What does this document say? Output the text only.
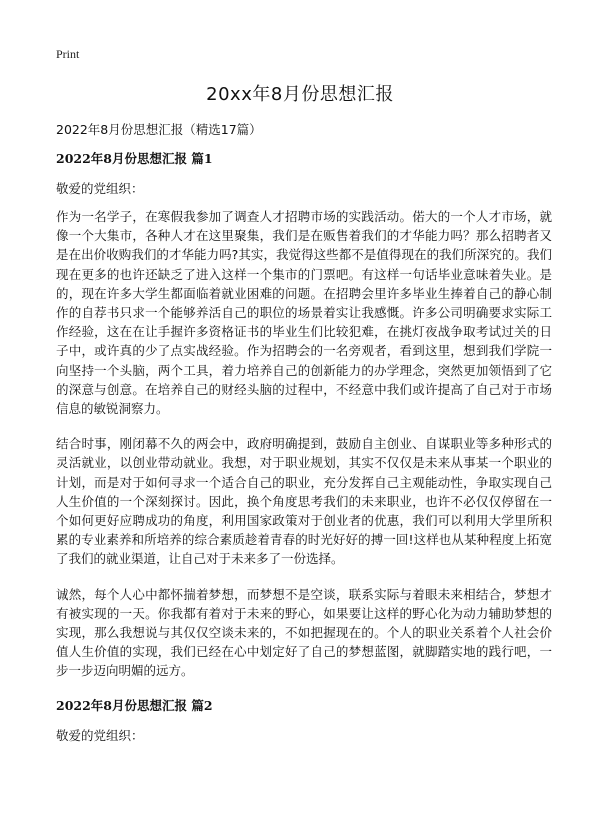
Print
20xx年8月份思想汇报
2022年8月份思想汇报（精选17篇）
2022年8月份思想汇报 篇1
敬爱的党组织：

作为一名学子，在寒假我参加了调查人才招聘市场的实践活动。偌大的一个人才市场，就像一个大集市，各种人才在这里聚集，我们是在贩售着我们的才华能力吗？那么招聘者又是在出价收购我们的才华能力吗?其实，我觉得这些都不是值得现在的我们所深究的。我们现在更多的也许还缺乏了进入这样一个集市的门票吧。有这样一句话毕业意味着失业。是的，现在许多大学生都面临着就业困难的问题。在招聘会里许多毕业生捧着自己的静心制作的自荐书只求一个能够养活自己的职位的场景着实让我感慨。许多公司明确要求实际工作经验，这在在让手握许多资格证书的毕业生们比较犯难，在挑灯夜战争取考试过关的日子中，或许真的少了点实战经验。作为招聘会的一名旁观者，看到这里，想到我们学院一向坚持一个头脑，两个工具，着力培养自己的创新能力的办学理念，突然更加领悟到了它的深意与创意。在培养自己的财经头脑的过程中，不经意中我们或许提高了自己对于市场信息的敏锐洞察力。

结合时事，刚闭幕不久的两会中，政府明确提到，鼓励自主创业、自谋职业等多种形式的灵活就业，以创业带动就业。我想，对于职业规划，其实不仅仅是未来从事某一个职业的计划，而是对于如何寻求一个适合自己的职业，充分发挥自己主观能动性，争取实现自己人生价值的一个深刻探讨。因此，换个角度思考我们的未来职业，也许不必仅仅停留在一个如何更好应聘成功的角度，利用国家政策对于创业者的优惠，我们可以利用大学里所积累的专业素养和所培养的综合素质趁着青春的时光好好的搏一回!这样也从某种程度上拓宽了我们的就业渠道，让自己对于未来多了一份选择。

诚然，每个人心中都怀揣着梦想，而梦想不是空谈，联系实际与着眼未来相结合，梦想才有被实现的一天。你我都有着对于未来的野心，如果要让这样的野心化为动力辅助梦想的实现，那么我想说与其仅仅空谈未来的，不如把握现在的。个人的职业关系着个人社会价值人生价值的实现，我们已经在心中划定好了自己的梦想蓝图，就脚踏实地的践行吧，一步一步迈向明媚的远方。

2022年8月份思想汇报 篇2
敬爱的党组织：
